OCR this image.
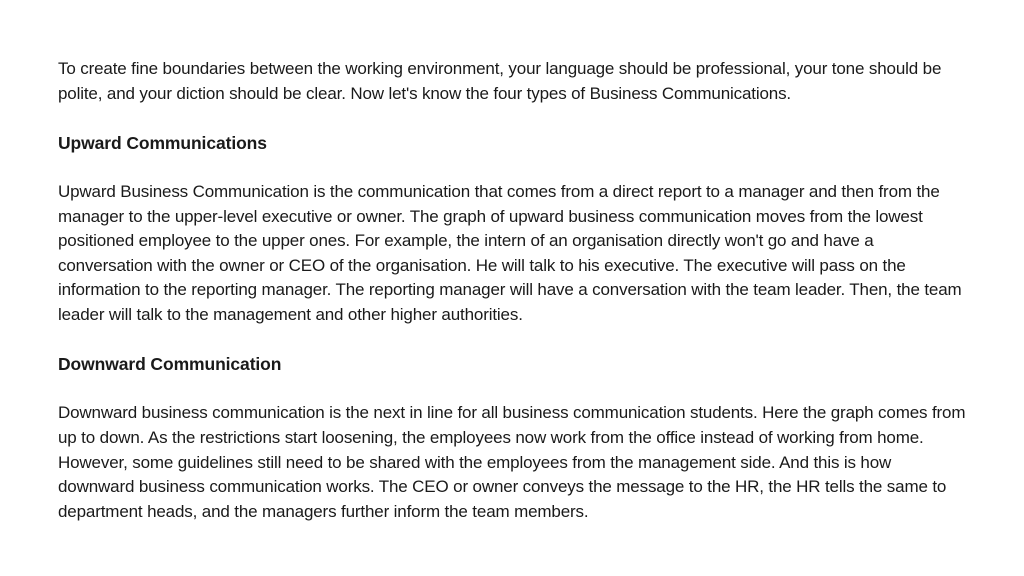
To create fine boundaries between the working environment, your language should be professional, your tone should be polite, and your diction should be clear. Now let's know the four types of Business Communications.

Upward Communications

Upward Business Communication is the communication that comes from a direct report to a manager and then from the manager to the upper-level executive or owner. The graph of upward business communication moves from the lowest positioned employee to the upper ones. For example, the intern of an organisation directly won't go and have a conversation with the owner or CEO of the organisation. He will talk to his executive. The executive will pass on the information to the reporting manager. The reporting manager will have a conversation with the team leader. Then, the team leader will talk to the management and other higher authorities.

Downward Communication

Downward business communication is the next in line for all business communication students. Here the graph comes from up to down. As the restrictions start loosening, the employees now work from the office instead of working from home. However, some guidelines still need to be shared with the employees from the management side. And this is how downward business communication works. The CEO or owner conveys the message to the HR, the HR tells the same to department heads, and the managers further inform the team members.
